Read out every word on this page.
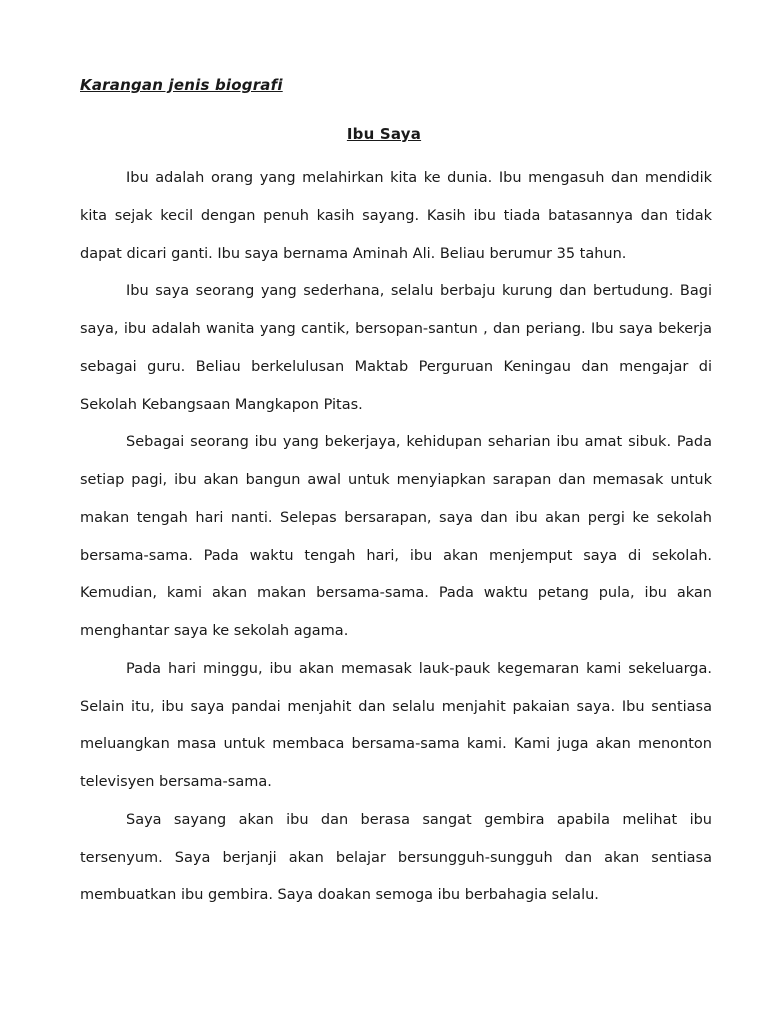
Karangan jenis biografi
Ibu Saya

Ibu adalah orang yang melahirkan kita ke dunia. Ibu mengasuh dan mendidik kita sejak kecil dengan penuh kasih sayang. Kasih ibu tiada batasannya dan tidak dapat dicari ganti. Ibu saya bernama Aminah Ali. Beliau berumur 35 tahun.

Ibu saya seorang yang sederhana, selalu berbaju kurung dan bertudung. Bagi saya, ibu adalah wanita yang cantik, bersopan-santun , dan periang. Ibu saya bekerja sebagai guru. Beliau berkelulusan Maktab Perguruan Keningau dan mengajar di Sekolah Kebangsaan Mangkapon Pitas.

Sebagai seorang ibu yang bekerjaya, kehidupan seharian ibu amat sibuk. Pada setiap pagi, ibu akan bangun awal untuk menyiapkan sarapan dan memasak untuk makan tengah hari nanti. Selepas bersarapan, saya dan ibu akan pergi ke sekolah bersama-sama. Pada waktu tengah hari, ibu akan menjemput saya di sekolah. Kemudian, kami akan makan bersama-sama. Pada waktu petang pula, ibu akan menghantar saya ke sekolah agama.

Pada hari minggu, ibu akan memasak lauk-pauk kegemaran kami sekeluarga. Selain itu, ibu saya pandai menjahit dan selalu menjahit pakaian saya. Ibu sentiasa meluangkan masa untuk membaca bersama-sama kami. Kami juga akan menonton televisyen bersama-sama.

Saya sayang akan ibu dan berasa sangat gembira apabila melihat ibu tersenyum. Saya berjanji akan belajar bersungguh-sungguh dan akan sentiasa membuatkan ibu gembira. Saya doakan semoga ibu berbahagia selalu.
